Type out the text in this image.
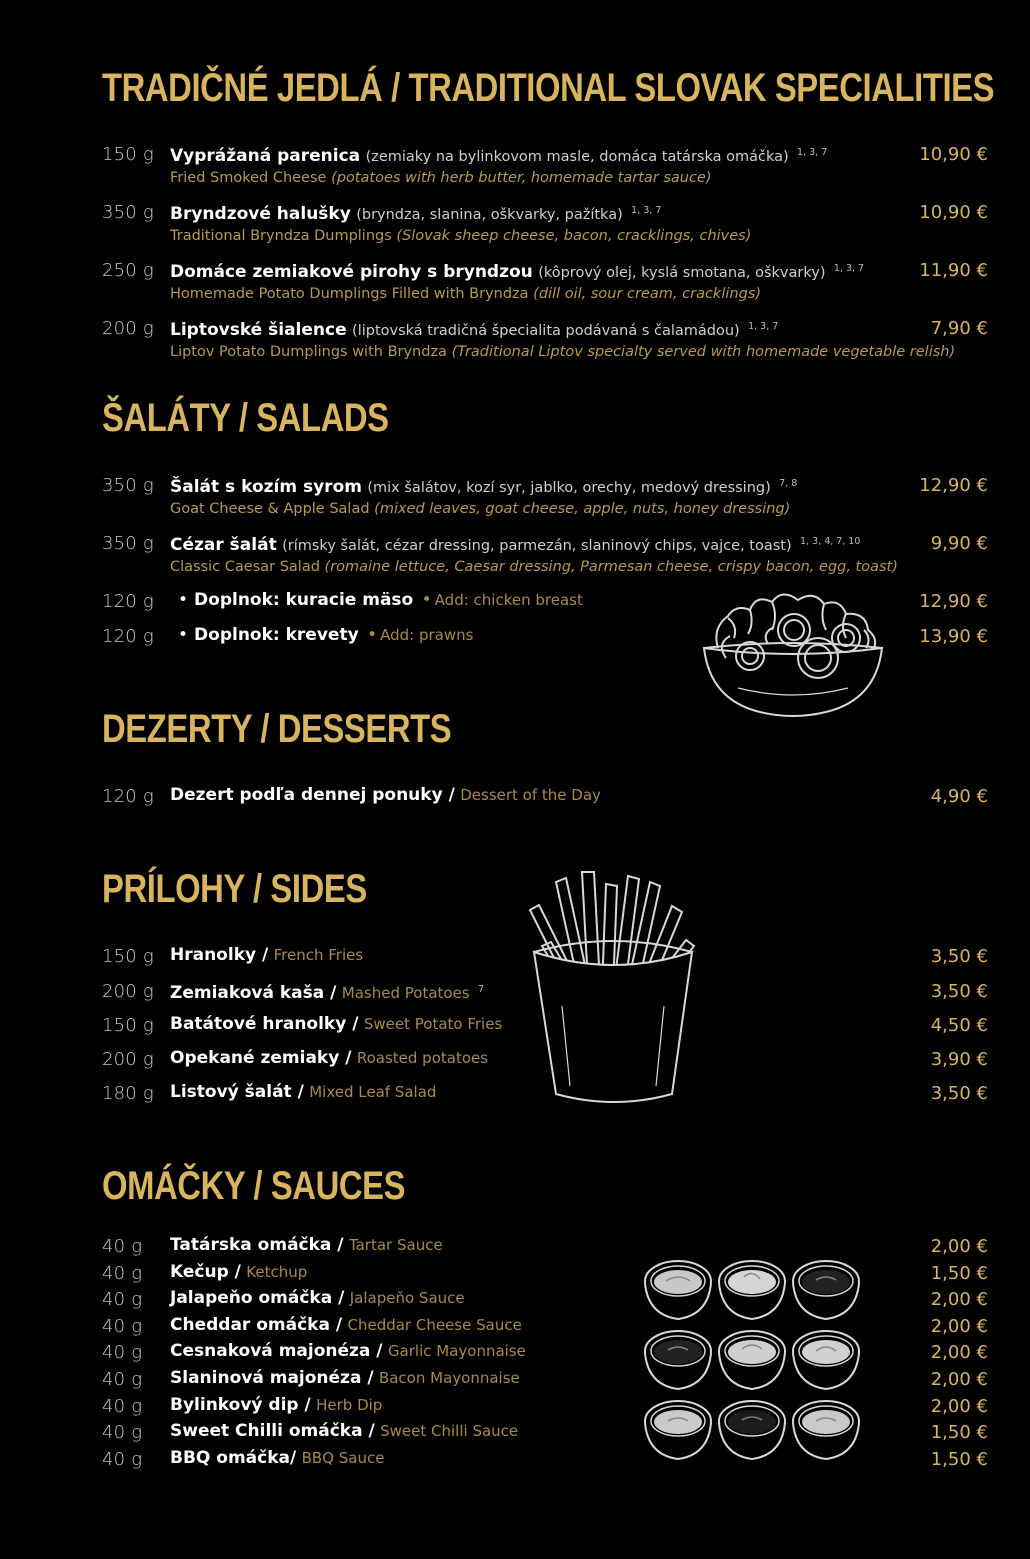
TRADIČNÉ JEDLÁ / TRADITIONAL SLOVAK SPECIALITIES
150 g Vyprážaná parenica (zemiaky na bylinkovom masle, domáca tatárska omáčka) $^{1, 3, 7}$
Fried Smoked Cheese (potatoes with herb butter, homemade tartar sauce)
10,90 €
350 g Bryndzové halušky (bryndza, slanina, oškvarky, pažítka) $^{1, 3, 7}$
Traditional Bryndza Dumplings (Slovak sheep cheese, bacon, cracklings, chives)
10,90 €
250 g Domáce zemiakové pirohy s bryndzou (kôprový olej, kyslá smotana, oškvarky) $^{1, 3, 7}$
Homemade Potato Dumplings Filled with Bryndza (dill oil, sour cream, cracklings)
11,90 €
200 g Liptovské šialence (liptovská tradičná špecialita podávaná s čalamádou) $^{1, 3, 7}$
Liptov Potato Dumplings with Bryndza (Traditional Liptov specialty served with homemade vegetable relish)
7,90 €
ŠALÁTY / SALADS
350 g Šalát s kozím syrom (mix šalátov, kozí syr, jablko, orechy, medový dressing) $^{7, 8}$
Goat Cheese & Apple Salad (mixed leaves, goat cheese, apple, nuts, honey dressing)
12,90 €
350 g Cézar šalát (rímsky šalát, cézar dressing, parmezán, slaninový chips, vajce, toast) $^{1, 3, 4, 7, 10}$
Classic Caesar Salad (romaine lettuce, Caesar dressing, Parmesan cheese, crispy bacon, egg, toast)
9,90 €
120 g • Doplnok: kuracie mäso • Add: chicken breast	12,90 €
120 g • Doplnok: krevety • Add: prawns	13,90 €
DEZERTY / DESSERTS
120 g Dezert podľa dennej ponuky / Dessert of the Day	4,90 €
PRÍLOHY / SIDES
150 g Hranolky / French Fries	3,50 €
200 g Zemiaková kaša / Mashed Potatoes $^7$	3,50 €
150 g Batátové hranolky / Sweet Potato Fries	4,50 €
200 g Opekané zemiaky / Roasted potatoes	3,90 €
180 g Listový šalát / Mixed Leaf Salad	3,50 €
OMÁČKY / SAUCES
40 g Tatárska omáčka / Tartar Sauce	2,00 €
40 g Kečup / Ketchup	1,50 €
40 g Jalapeňo omáčka / Jalapeňo Sauce	2,00 €
40 g Cheddar omáčka / Cheddar Cheese Sauce	2,00 €
40 g Cesnaková majonéza / Garlic Mayonnaise	2,00 €
40 g Slaninová majonéza / Bacon Mayonnaise	2,00 €
40 g Bylinkový dip / Herb Dip	2,00 €
40 g Sweet Chilli omáčka / Sweet Chilli Sauce	1,50 €
40 g BBQ omáčka/ BBQ Sauce	1,50 €
